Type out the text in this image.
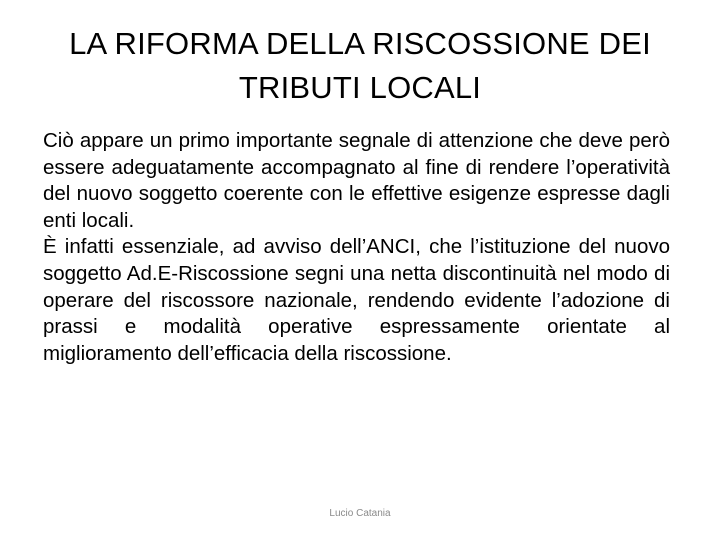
LA RIFORMA DELLA RISCOSSIONE DEI
TRIBUTI LOCALI

Ciò appare un primo importante segnale di attenzione che deve però essere adeguatamente accompagnato al fine di rendere l’operatività del nuovo soggetto coerente con le effettive esigenze espresse dagli enti locali.

È infatti essenziale, ad avviso dell’ANCI, che l’istituzione del nuovo soggetto Ad.E-Riscossione segni una netta discontinuità nel modo di operare del riscossore nazionale, rendendo evidente l’adozione di prassi e modalità operative espressamente orientate al miglioramento dell’efficacia della riscossione.

Lucio Catania
